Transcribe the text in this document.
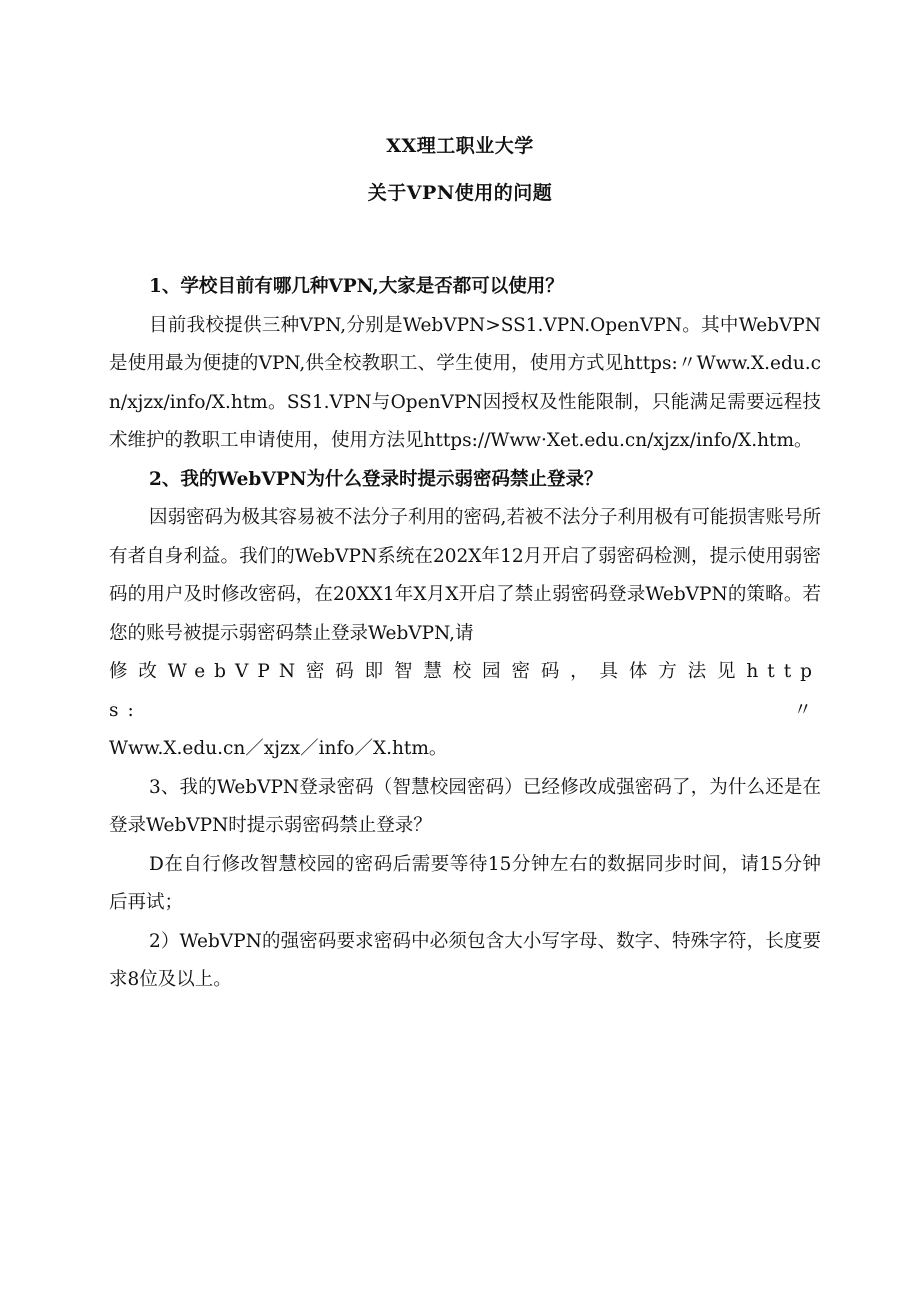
XX理工职业大学
关于VPN使用的问题

1、学校目前有哪几种VPN,大家是否都可以使用？

目前我校提供三种VPN,分别是WebVPN>SS1.VPN.OpenVPN。其中WebVPN是使用最为便捷的VPN,供全校教职工、学生使用，使用方式见https:〃Www.X.edu.cn/xjzx/info/X.htm。SS1.VPN与OpenVPN因授权及性能限制，只能满足需要远程技术维护的教职工申请使用，使用方法见https://Www·Xet.edu.cn/xjzx/info/X.htm。

2、我的WebVPN为什么登录时提示弱密码禁止登录？

因弱密码为极其容易被不法分子利用的密码,若被不法分子利用极有可能损害账号所有者自身利益。我们的WebVPN系统在202X年12月开启了弱密码检测，提示使用弱密码的用户及时修改密码，在20XX1年X月X开启了禁止弱密码登录WebVPN的策略。若您的账号被提示弱密码禁止登录WebVPN,请

修改WebVPN密码即智慧校园密码，具体方法见https:〃

Www.X.edu.cn／xjzx／info／X.htm。

3、我的WebVPN登录密码（智慧校园密码）已经修改成强密码了，为什么还是在登录WebVPN时提示弱密码禁止登录？

D在自行修改智慧校园的密码后需要等待15分钟左右的数据同步时间，请15分钟后再试；

2）WebVPN的强密码要求密码中必须包含大小写字母、数字、特殊字符，长度要求8位及以上。
